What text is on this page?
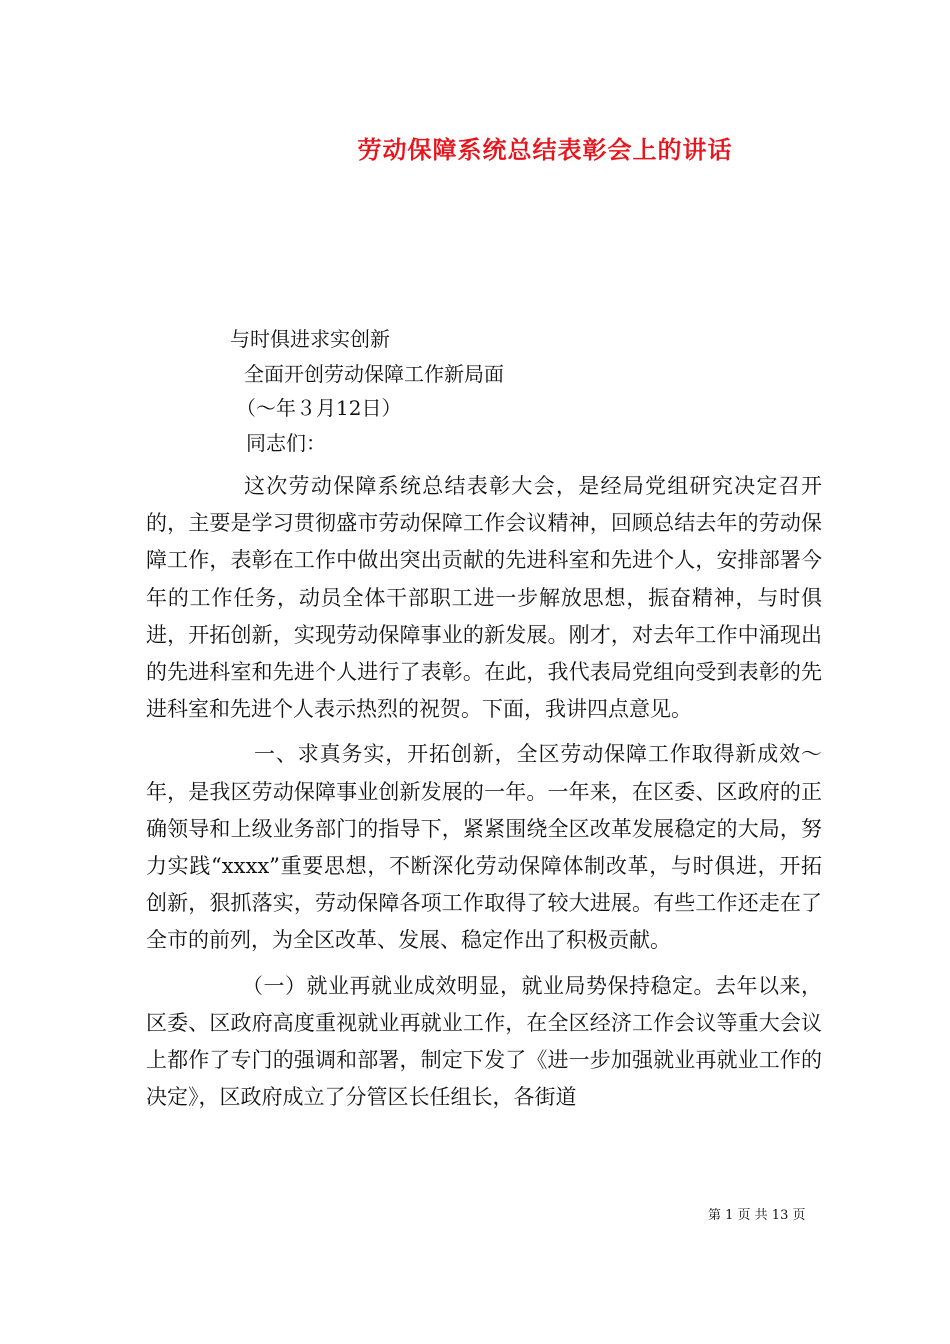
劳动保障系统总结表彰会上的讲话
与时俱进求实创新
全面开创劳动保障工作新局面
（～年３月12日）
同志们：

这次劳动保障系统总结表彰大会，是经局党组研究决定召开的，主要是学习贯彻盛市劳动保障工作会议精神，回顾总结去年的劳动保障工作，表彰在工作中做出突出贡献的先进科室和先进个人，安排部署今年的工作任务，动员全体干部职工进一步解放思想，振奋精神，与时俱进，开拓创新，实现劳动保障事业的新发展。刚才，对去年工作中涌现出的先进科室和先进个人进行了表彰。在此，我代表局党组向受到表彰的先进科室和先进个人表示热烈的祝贺。下面，我讲四点意见。

一、求真务实，开拓创新，全区劳动保障工作取得新成效～年，是我区劳动保障事业创新发展的一年。一年来，在区委、区政府的正确领导和上级业务部门的指导下，紧紧围绕全区改革发展稳定的大局，努力实践“xxxx”重要思想，不断深化劳动保障体制改革，与时俱进，开拓创新，狠抓落实，劳动保障各项工作取得了较大进展。有些工作还走在了全市的前列，为全区改革、发展、稳定作出了积极贡献。

（一）就业再就业成效明显，就业局势保持稳定。去年以来，区委、区政府高度重视就业再就业工作，在全区经济工作会议等重大会议上都作了专门的强调和部署，制定下发了《进一步加强就业再就业工作的决定》，区政府成立了分管区长任组长，各街道

第 1 页 共 13 页
